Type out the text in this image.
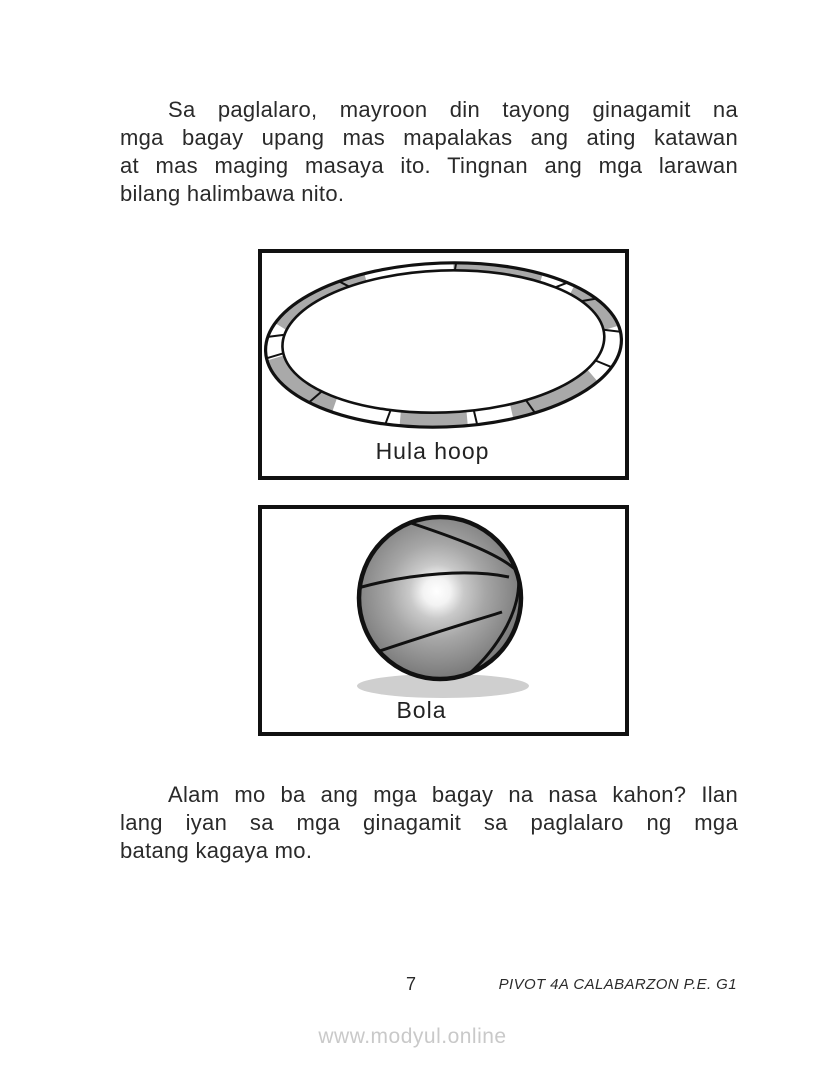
Sa paglalaro, mayroon din tayong ginagamit na
mga bagay upang mas mapalakas ang ating katawan
at mas maging masaya ito. Tingnan ang mga larawan
bilang halimbawa nito.
Hula hoop
Bola
Alam mo ba ang mga bagay na nasa kahon? Ilan
lang iyan sa mga ginagamit sa paglalaro ng mga
batang kagaya mo.
7	PIVOT 4A CALABARZON P.E. G1
www.modyul.online
